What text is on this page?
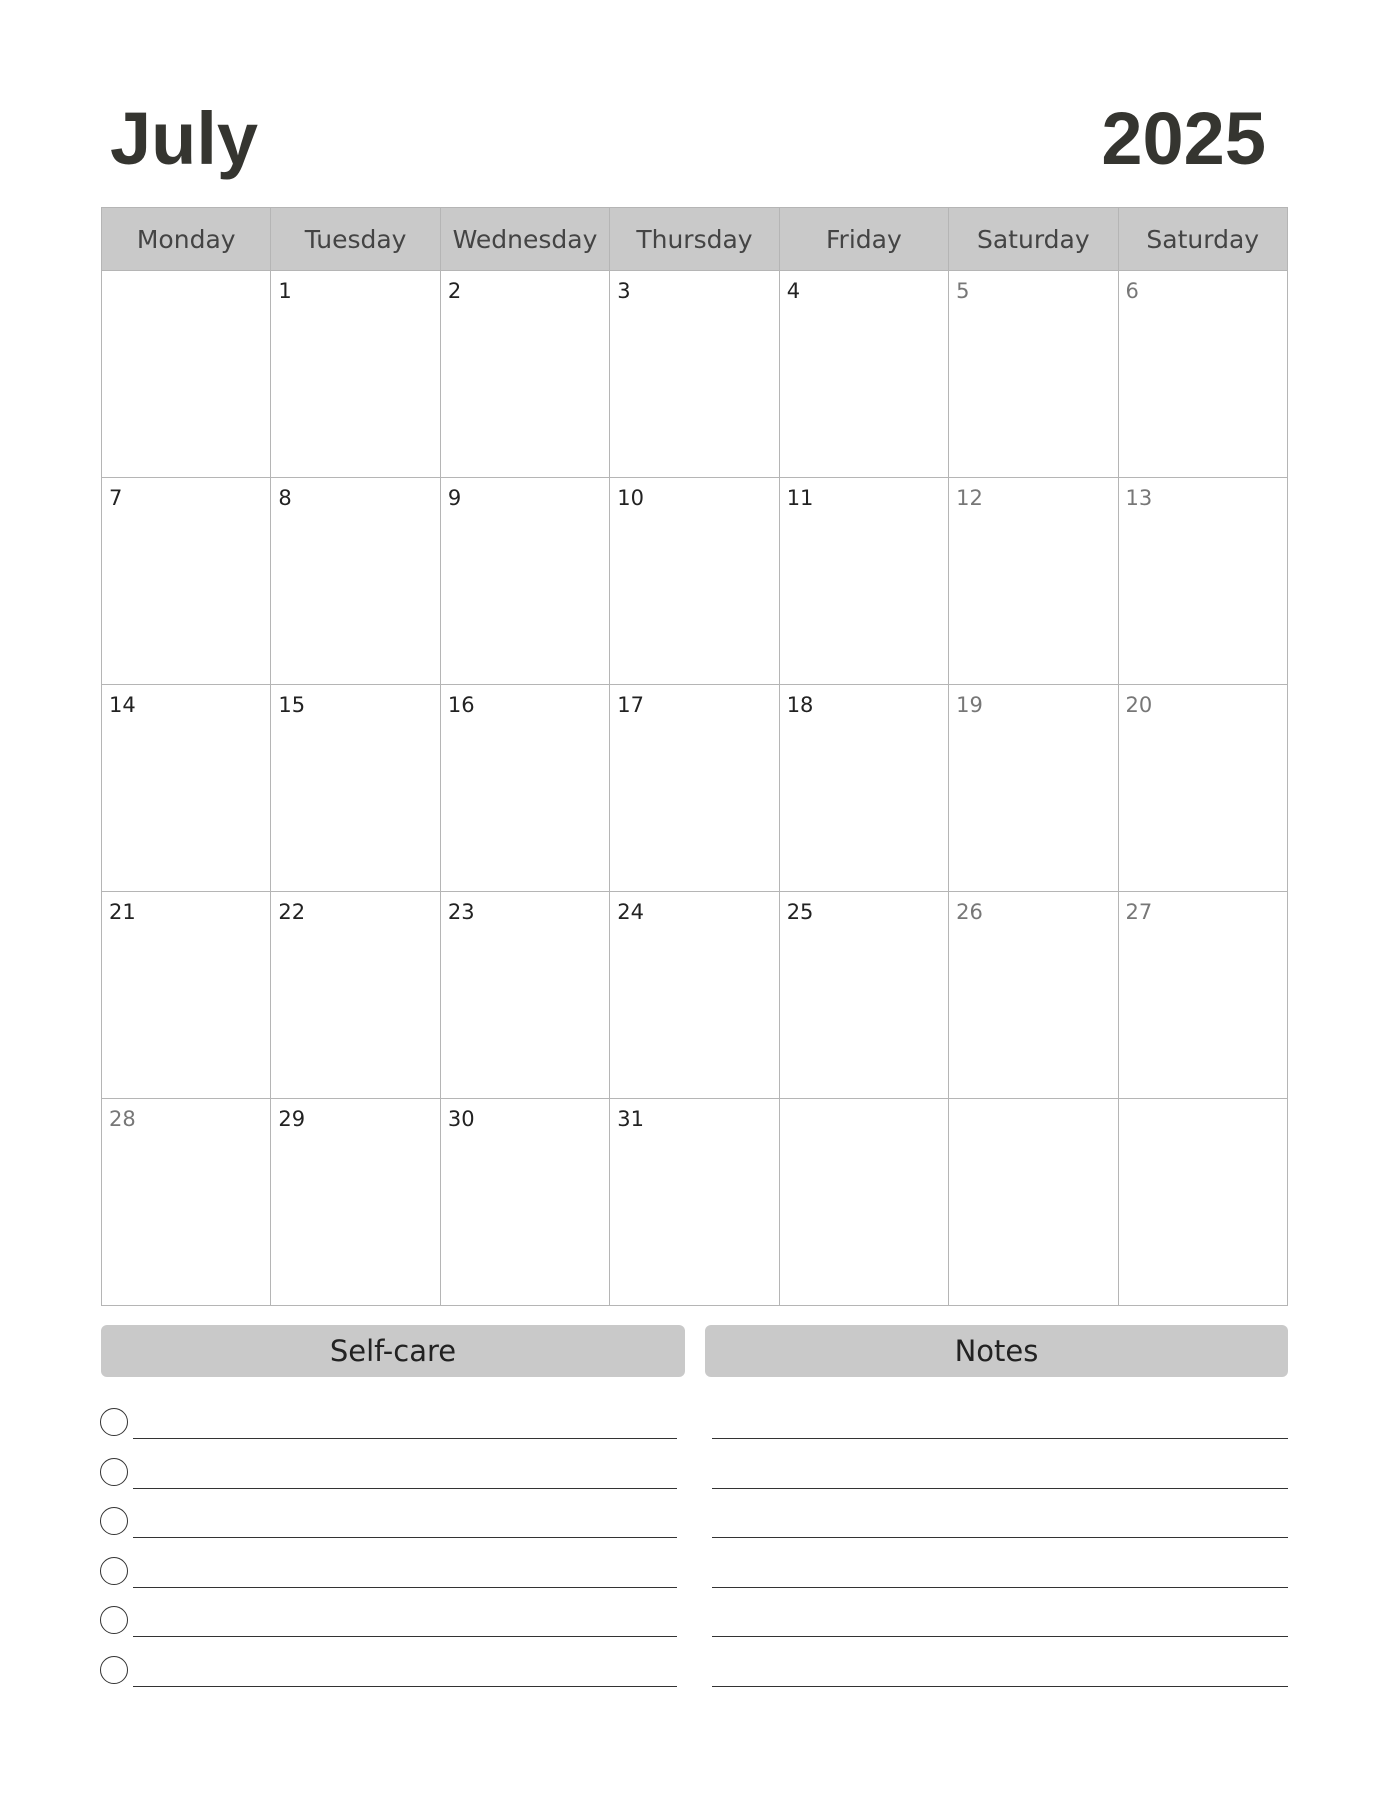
July	2025
Monday	Tuesday	Wednesday	Thursday	Friday	Saturday	Saturday

	1	2	3	4	5	6

7	8	9	10	11	12	13

14	15	16	17	18	19	20

21	22	23	24	25	26	27

28	29	30	31			

Self-care	Notes
